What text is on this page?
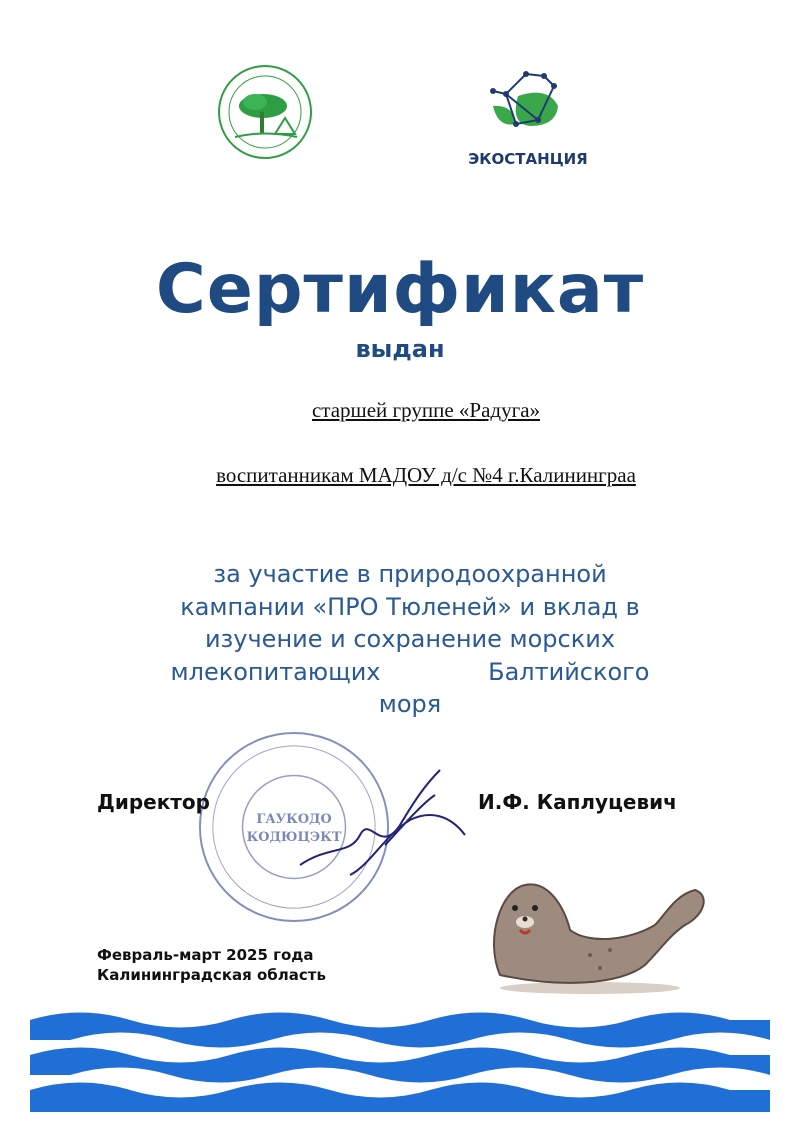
ЭКОСТАНЦИЯ
Сертификат
выдан
старшей группе «Радуга»
воспитанникам МАДОУ д/с №4 г.Калининграа
за участие в природоохранной
кампании «ПРО Тюленей» и вклад в
изучение и сохранение морских
млекопитающих Балтийского
моря
ГАУКОДО
КОДЮЦЭКТ
Директор	И.Ф. Каплуцевич
Февраль-март 2025 года
Калининградская область
